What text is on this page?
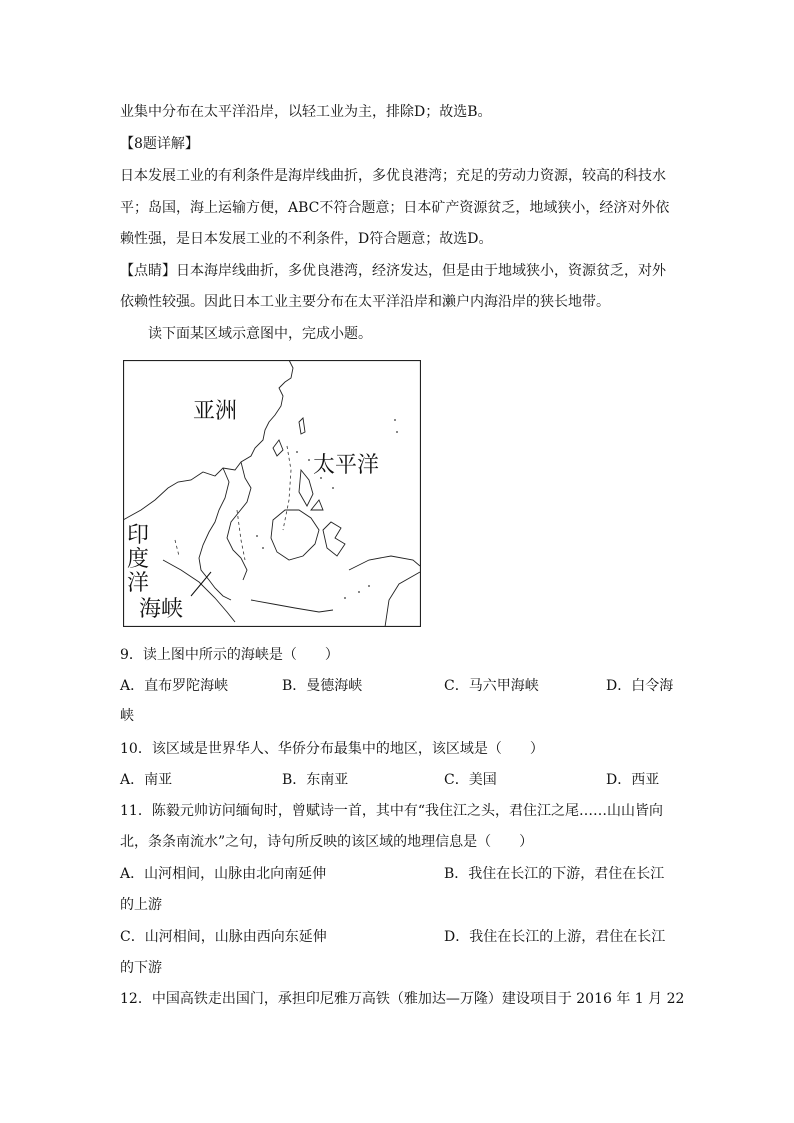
业集中分布在太平洋沿岸，以轻工业为主，排除D；故选B。
【8题详解】
日本发展工业的有利条件是海岸线曲折，多优良港湾；充足的劳动力资源，较高的科技水
平；岛国，海上运输方便，ABC不符合题意；日本矿产资源贫乏，地域狭小，经济对外依
赖性强，是日本发展工业的不利条件，D符合题意；故选D。
【点睛】日本海岸线曲折，多优良港湾，经济发达，但是由于地域狭小，资源贫乏，对外
依赖性较强。因此日本工业主要分布在太平洋沿岸和濑户内海沿岸的狭长地带。
读下面某区域示意图中，完成小题。
亚洲
太平洋
印
度
洋
海峡
9．读上图中所示的海峡是（　　）
A．直布罗陀海峡	B．曼德海峡	C．马六甲海峡	D．白令海
峡
10．该区域是世界华人、华侨分布最集中的地区，该区域是（　　）
A．南亚	B．东南亚	C．美国	D．西亚
11．陈毅元帅访问缅甸时，曾赋诗一首，其中有“我住江之头，君住江之尾……山山皆向
北，条条南流水”之句，诗句所反映的该区域的地理信息是（　　）
A．山河相间，山脉由北向南延伸	B．我住在长江的下游，君住在长江
的上游
C．山河相间，山脉由西向东延伸	D．我住在长江的上游，君住在长江
的下游
12．中国高铁走出国门，承担印尼雅万高铁（雅加达—万隆）建设项目于 2016 年 1 月 22
